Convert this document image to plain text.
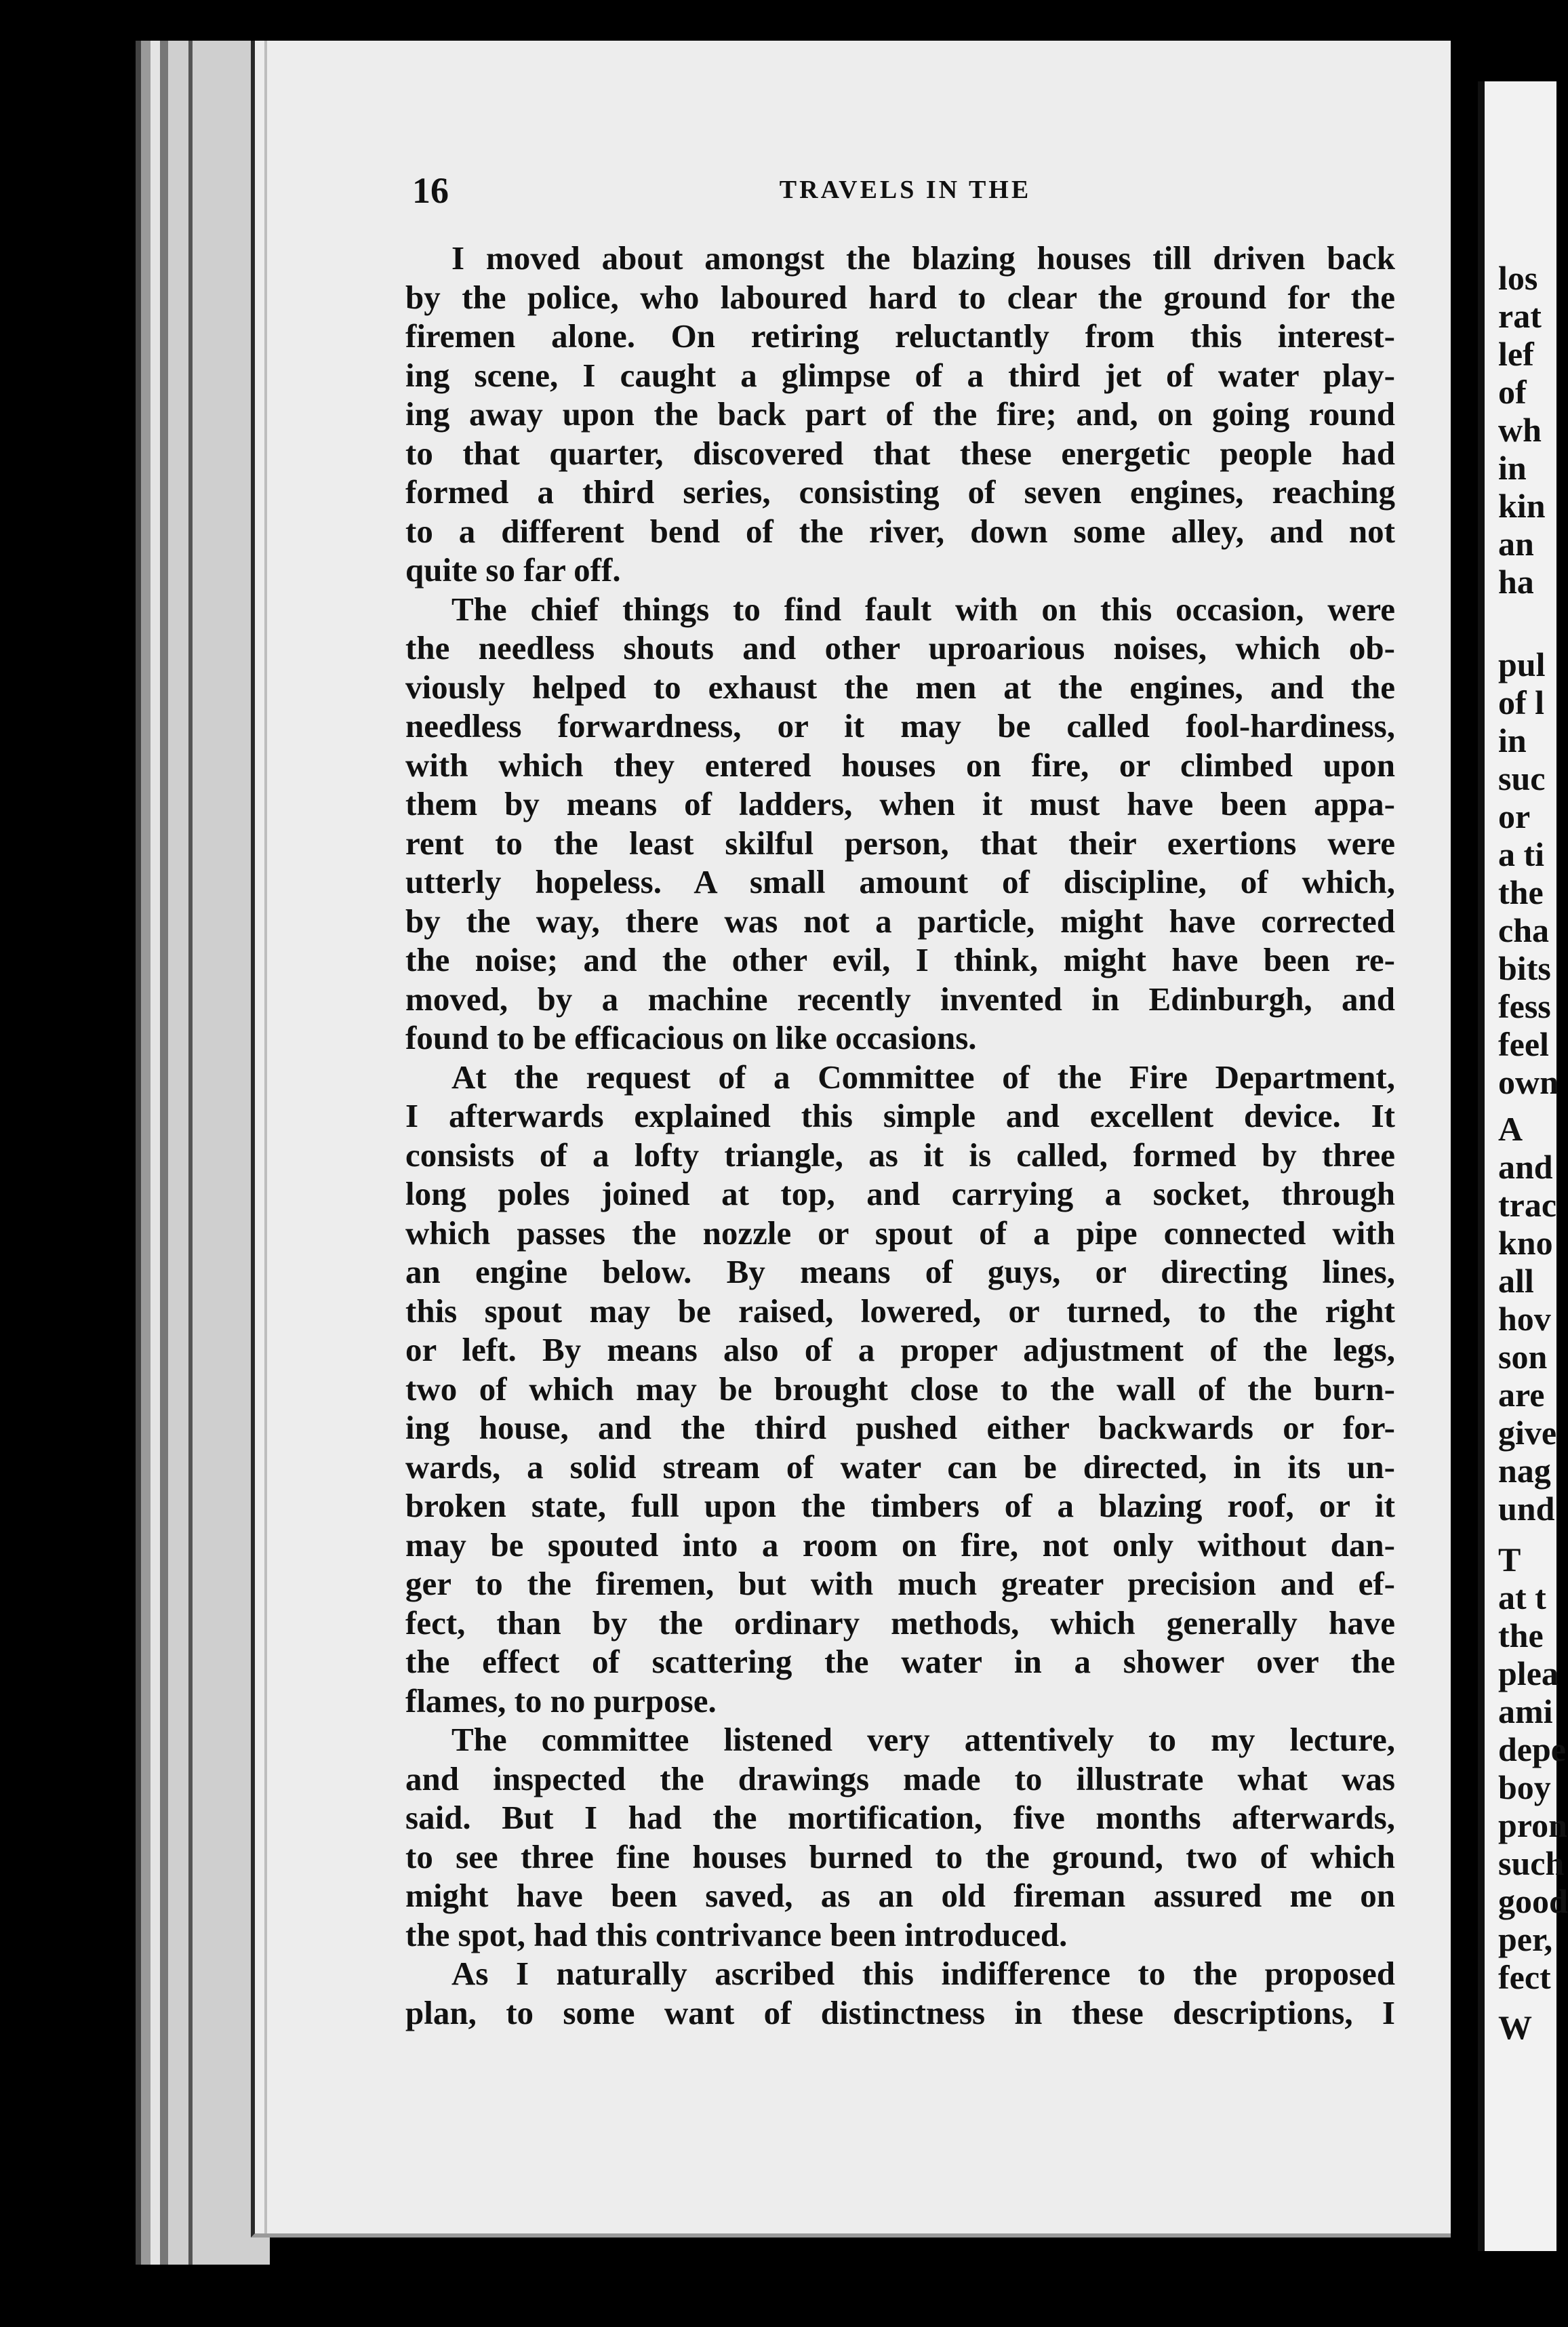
los
rat
lef
of
wh
in
kin
an
ha
pul
of l
in
suc
or
a ti
the
cha
bits
fess
feel
own
A
and
trac
kno
all
hov
son
are
give
nag
und
T
at t
the
plea
ami
depe
boy
pron
such
good
per,
fect
W
16	TRAVELS IN THE
I moved about amongst the blazing houses till driven back
by the police, who laboured hard to clear the ground for the
firemen alone. On retiring reluctantly from this interest-
ing scene, I caught a glimpse of a third jet of water play-
ing away upon the back part of the fire; and, on going round
to that quarter, discovered that these energetic people had
formed a third series, consisting of seven engines, reaching
to a different bend of the river, down some alley, and not
quite so far off.
The chief things to find fault with on this occasion, were
the needless shouts and other uproarious noises, which ob-
viously helped to exhaust the men at the engines, and the
needless forwardness, or it may be called fool-hardiness,
with which they entered houses on fire, or climbed upon
them by means of ladders, when it must have been appa-
rent to the least skilful person, that their exertions were
utterly hopeless. A small amount of discipline, of which,
by the way, there was not a particle, might have corrected
the noise; and the other evil, I think, might have been re-
moved, by a machine recently invented in Edinburgh, and
found to be efficacious on like occasions.
At the request of a Committee of the Fire Department,
I afterwards explained this simple and excellent device. It
consists of a lofty triangle, as it is called, formed by three
long poles joined at top, and carrying a socket, through
which passes the nozzle or spout of a pipe connected with
an engine below. By means of guys, or directing lines,
this spout may be raised, lowered, or turned, to the right
or left. By means also of a proper adjustment of the legs,
two of which may be brought close to the wall of the burn-
ing house, and the third pushed either backwards or for-
wards, a solid stream of water can be directed, in its un-
broken state, full upon the timbers of a blazing roof, or it
may be spouted into a room on fire, not only without dan-
ger to the firemen, but with much greater precision and ef-
fect, than by the ordinary methods, which generally have
the effect of scattering the water in a shower over the
flames, to no purpose.
The committee listened very attentively to my lecture,
and inspected the drawings made to illustrate what was
said. But I had the mortification, five months afterwards,
to see three fine houses burned to the ground, two of which
might have been saved, as an old fireman assured me on
the spot, had this contrivance been introduced.
As I naturally ascribed this indifference to the proposed
plan, to some want of distinctness in these descriptions, I
